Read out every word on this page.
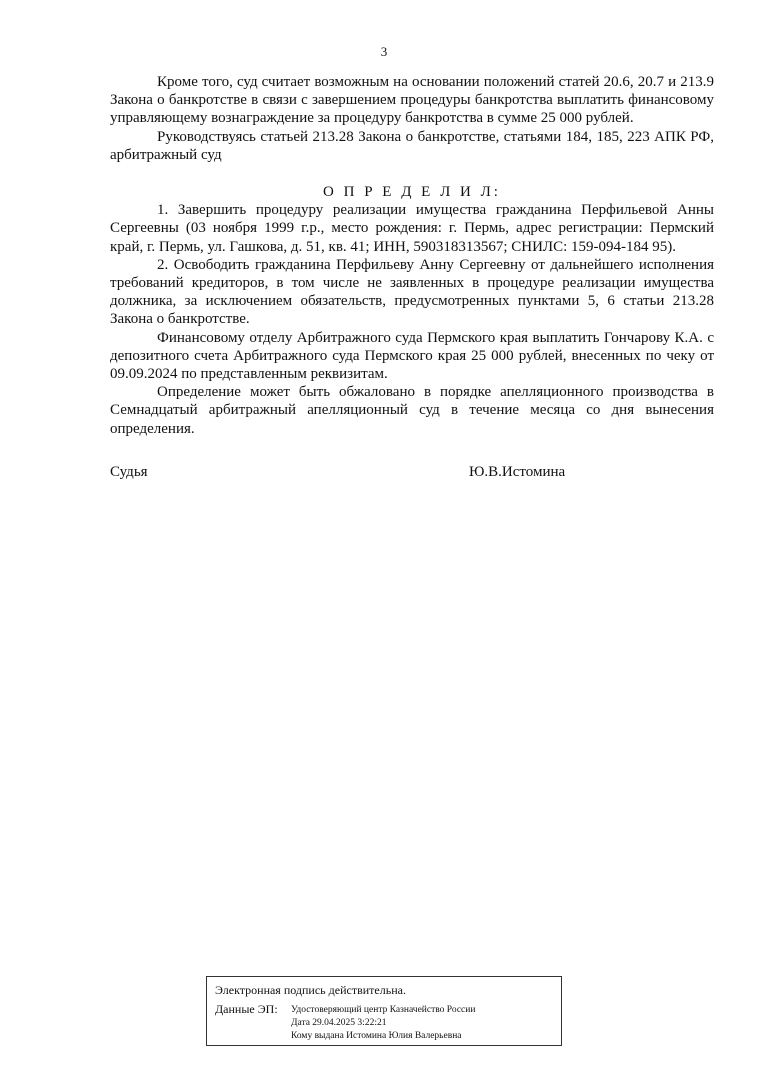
3

Кроме того, суд считает возможным на основании положений статей 20.6, 20.7 и 213.9 Закона о банкротстве в связи с завершением процедуры банкротства выплатить финансовому управляющему вознаграждение за процедуру банкротства в сумме 25 000 рублей.

Руководствуясь статьей 213.28 Закона о банкротстве, статьями 184, 185, 223 АПК РФ, арбитражный суд

О П Р Е Д Е Л И Л:

1. Завершить процедуру реализации имущества гражданина Перфильевой Анны Сергеевны (03 ноября 1999 г.р., место рождения: г. Пермь, адрес регистрации: Пермский край, г. Пермь, ул. Гашкова, д. 51, кв. 41; ИНН, 590318313567; СНИЛС: 159-094-184 95).

2. Освободить гражданина Перфильеву Анну Сергеевну от дальнейшего исполнения требований кредиторов, в том числе не заявленных в процедуре реализации имущества должника, за исключением обязательств, предусмотренных пунктами 5, 6 статьи 213.28 Закона о банкротстве.

Финансовому отделу Арбитражного суда Пермского края выплатить Гончарову К.А. с депозитного счета Арбитражного суда Пермского края 25 000 рублей, внесенных по чеку от 09.09.2024 по представленным реквизитам.

Определение может быть обжаловано в порядке апелляционного производства в Семнадцатый арбитражный апелляционный суд в течение месяца со дня вынесения определения.

Судья	Ю.В.Истомина
Электронная подпись действительна.
Данные ЭП: Удостоверяющий центр Казначейство России
Дата 29.04.2025 3:22:21
Кому выдана Истомина Юлия Валерьевна
